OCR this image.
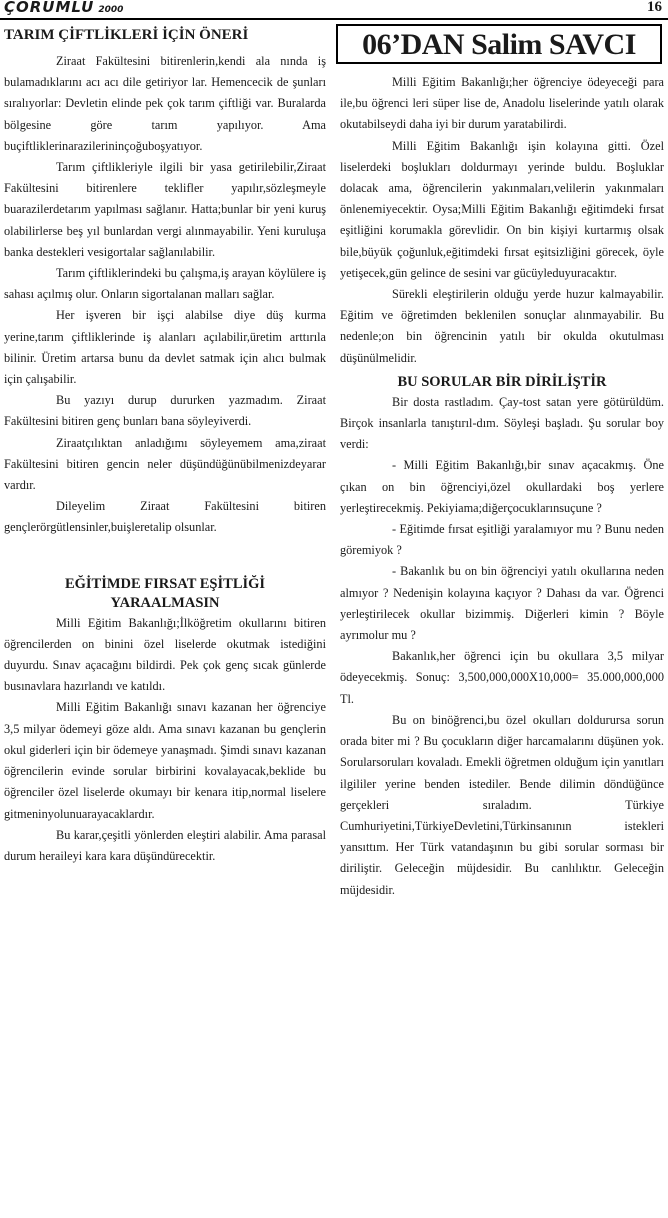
ÇORUMLU 2000	16
TARIM ÇİFTLİKLERİ İÇİN ÖNERİ

Ziraat Fakültesini bitirenlerin,kendi ala nında iş bulamadıklarını acı acı dile getiriyor lar. Hemencecik de şunları sıralıyorlar: Devletin elinde pek çok tarım çiftliği var. Buralarda bölgesine göre tarım yapılıyor. Ama buçiftliklerinarazilerininçoğuboşyatıyor.

Tarım çiftlikleriyle ilgili bir yasa getirilebilir,Ziraat Fakültesini bitirenlere teklifler yapılır,sözleşmeyle buarazilerdetarım yapılması sağlanır. Hatta;bunlar bir yeni kuruş olabilirlerse beş yıl bunlardan vergi alınmayabilir. Yeni kuruluşa banka destekleri vesigortalar sağlanılabilir.

Tarım çiftliklerindeki bu çalışma,iş arayan köylülere iş sahası açılmış olur. Onların sigortalanan malları sağlar.

Her işveren bir işçi alabilse diye düş kurma yerine,tarım çiftliklerinde iş alanları açılabilir,üretim arttırıla bilinir. Üretim artarsa bunu da devlet satmak için alıcı bulmak için çalışabilir.

Bu yazıyı durup dururken yazmadım. Ziraat Fakültesini bitiren genç bunları bana söyleyiverdi.

Ziraatçılıktan anladığımı söyleyemem ama,ziraat Fakültesini bitiren gencin neler düşündüğünübilmenizdeyarar vardır.

Dileyelim Ziraat Fakültesini bitiren gençlerörgütlensinler,buişleretalip olsunlar.

EĞİTİMDE FIRSAT EŞİTLİĞİ
YARAALMASIN

Milli Eğitim Bakanlığı;İlköğretim okullarını bitiren öğrencilerden on binini özel liselerde okutmak istediğini duyurdu. Sınav açacağını bildirdi. Pek çok genç sıcak günlerde busınavlara hazırlandı ve katıldı.

Milli Eğitim Bakanlığı sınavı kazanan her öğrenciye 3,5 milyar ödemeyi göze aldı. Ama sınavı kazanan bu gençlerin okul giderleri için bir ödemeye yanaşmadı. Şimdi sınavı kazanan öğrencilerin evinde sorular birbirini kovalayacak,beklide bu öğrenciler özel liselerde okumayı bir kenara itip,normal liselere gitmeninyolunuarayacaklardır.

Bu karar,çeşitli yönlerden eleştiri alabilir. Ama parasal durum heraileyi kara kara düşündürecektir.

06’DAN Salim SAVCI

Milli Eğitim Bakanlığı;her öğrenciye ödeyeceği para ile,bu öğrenci leri süper lise de, Anadolu liselerinde yatılı olarak okutabilseydi daha iyi bir durum yaratabilirdi.

Milli Eğitim Bakanlığı işin kolayına gitti. Özel liselerdeki boşlukları doldurmayı yerinde buldu. Boşluklar dolacak ama, öğrencilerin yakınmaları,velilerin yakınmaları önlenemiyecektir. Oysa;Milli Eğitim Bakanlığı eğitimdeki fırsat eşitliğini korumakla görevlidir. On bin kişiyi kurtarmış olsak bile,büyük çoğunluk,eğitimdeki fırsat eşitsizliğini görecek, öyle yetişecek,gün gelince de sesini var gücüyleduyuracaktır.

Sürekli eleştirilerin olduğu yerde huzur kalmayabilir. Eğitim ve öğretimden beklenilen sonuçlar alınmayabilir. Bu nedenle;on bin öğrencinin yatılı bir okulda okutulması düşünülmelidir.

BU SORULAR BİR DİRİLİŞTİR

Bir dosta rastladım. Çay-tost satan yere götürüldüm. Birçok insanlarla tanıştırıl-dım. Söyleşi başladı. Şu sorular boy verdi:

- Milli Eğitim Bakanlığı,bir sınav açacakmış. Öne çıkan on bin öğrenciyi,özel okullardaki boş yerlere yerleştirecekmiş. Pekiyiama;diğerçocuklarınsuçune ?

- Eğitimde fırsat eşitliği yaralamıyor mu ? Bunu neden göremiyok ?

- Bakanlık bu on bin öğrenciyi yatılı okullarına neden almıyor ? Nedenişin kolayına kaçıyor ? Dahası da var. Öğrenci yerleştirilecek okullar bizimmiş. Diğerleri kimin ? Böyle ayrımolur mu ?

Bakanlık,her öğrenci için bu okullara 3,5 milyar ödeyecekmiş. Sonuç: 3,500,000,000X10,000= 35.000,000,000 Tl.

Bu on binöğrenci,bu özel okulları doldurursa sorun orada biter mi ? Bu çocukların diğer harcamalarını düşünen yok. Sorularsoruları kovaladı. Emekli öğretmen olduğum için yanıtları ilgililer yerine benden istediler. Bende dilimin döndüğünce gerçekleri sıraladım. Türkiye Cumhuriyetini,TürkiyeDevletini,Türkinsanının istekleri yansıttım. Her Türk vatandaşının bu gibi sorular sorması bir diriliştir. Geleceğin müjdesidir. Bu canlılıktır. Geleceğin müjdesidir.
